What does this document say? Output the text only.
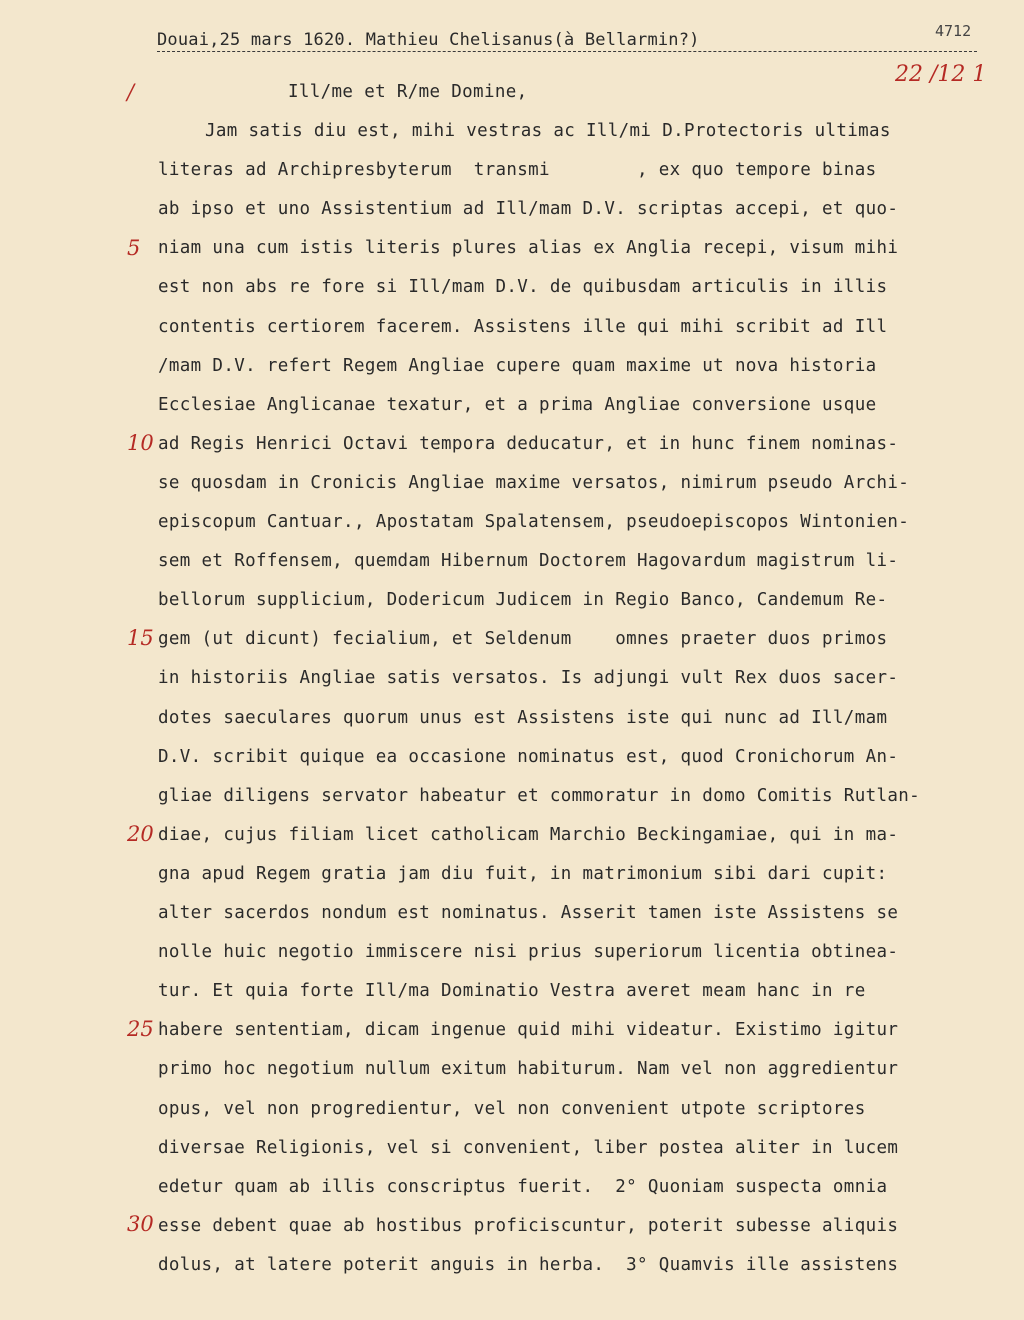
Douai,25 mars 1620. Mathieu Chelisanus(à Bellarmin?)	4712
22 /12 1
/	Ill/me et R/me Domine,
Jam satis diu est, mihi vestras ac Ill/mi D.Protectoris ultimas
literas ad Archipresbyterum  transmi        , ex quo tempore binas
ab ipso et uno Assistentium ad Ill/mam D.V. scriptas accepi, et quo-
niam una cum istis literis plures alias ex Anglia recepi, visum mihi
est non abs re fore si Ill/mam D.V. de quibusdam articulis in illis
contentis certiorem facerem. Assistens ille qui mihi scribit ad Ill
/mam D.V. refert Regem Angliae cupere quam maxime ut nova historia
Ecclesiae Anglicanae texatur, et a prima Angliae conversione usque
ad Regis Henrici Octavi tempora deducatur, et in hunc finem nominas-
se quosdam in Cronicis Angliae maxime versatos, nimirum pseudo Archi-
episcopum Cantuar., Apostatam Spalatensem, pseudoepiscopos Wintonien-
sem et Roffensem, quemdam Hibernum Doctorem Hagovardum magistrum li-
bellorum supplicium, Dodericum Judicem in Regio Banco, Candemum Re-
gem (ut dicunt) fecialium, et Seldenum    omnes praeter duos primos
in historiis Angliae satis versatos. Is adjungi vult Rex duos sacer-
dotes saeculares quorum unus est Assistens iste qui nunc ad Ill/mam
D.V. scribit quique ea occasione nominatus est, quod Cronichorum An-
gliae diligens servator habeatur et commoratur in domo Comitis Rutlan-
diae, cujus filiam licet catholicam Marchio Beckingamiae, qui in ma-
gna apud Regem gratia jam diu fuit, in matrimonium sibi dari cupit:
alter sacerdos nondum est nominatus. Asserit tamen iste Assistens se
nolle huic negotio immiscere nisi prius superiorum licentia obtinea-
tur. Et quia forte Ill/ma Dominatio Vestra averet meam hanc in re
habere sententiam, dicam ingenue quid mihi videatur. Existimo igitur
primo hoc negotium nullum exitum habiturum. Nam vel non aggredientur
opus, vel non progredientur, vel non convenient utpote scriptores
diversae Religionis, vel si convenient, liber postea aliter in lucem
edetur quam ab illis conscriptus fuerit.  2° Quoniam suspecta omnia
esse debent quae ab hostibus proficiscuntur, poterit subesse aliquis
dolus, at latere poterit anguis in herba.  3° Quamvis ille assistens
5
10
15
20
25
30
